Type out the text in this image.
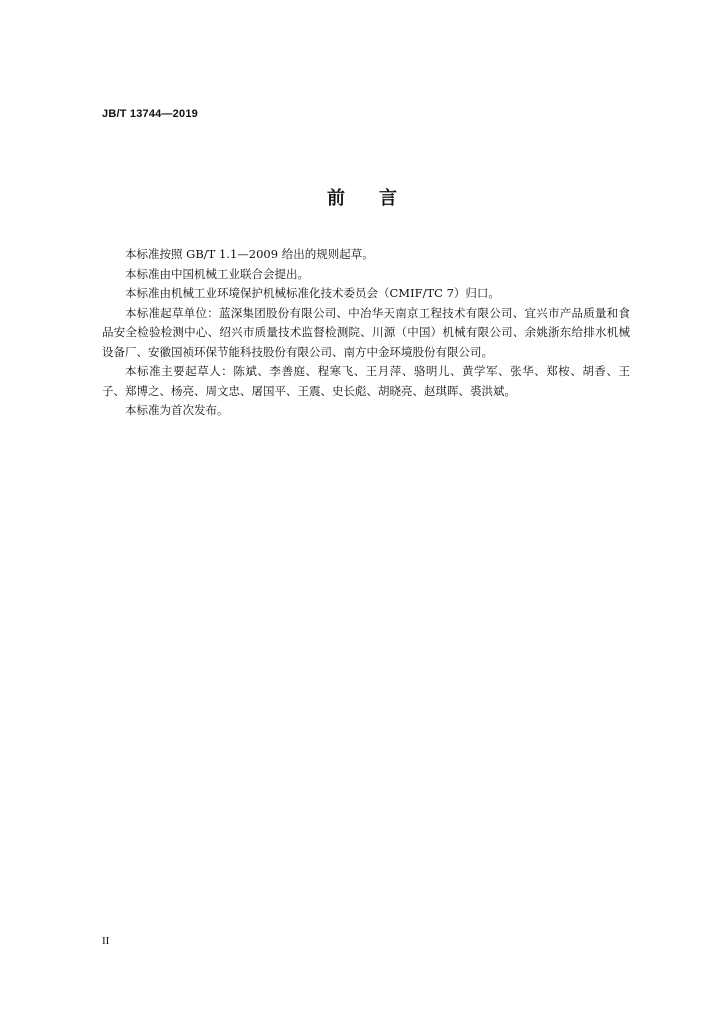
JB/T 13744—2019
前言

本标准按照 GB/T 1.1—2009 给出的规则起草。

本标准由中国机械工业联合会提出。

本标准由机械工业环境保护机械标准化技术委员会（CMIF/TC 7）归口。

本标准起草单位：蓝深集团股份有限公司、中冶华天南京工程技术有限公司、宜兴市产品质量和食品安全检验检测中心、绍兴市质量技术监督检测院、川源（中国）机械有限公司、余姚浙东给排水机械设备厂、安徽国祯环保节能科技股份有限公司、南方中金环境股份有限公司。

本标准主要起草人：陈斌、李善庭、程寒飞、王月萍、骆明儿、黄学军、张华、郑桉、胡香、王子、郑博之、杨亮、周文忠、屠国平、王震、史长彪、胡晓亮、赵琪晖、裘洪斌。

本标准为首次发布。

II
